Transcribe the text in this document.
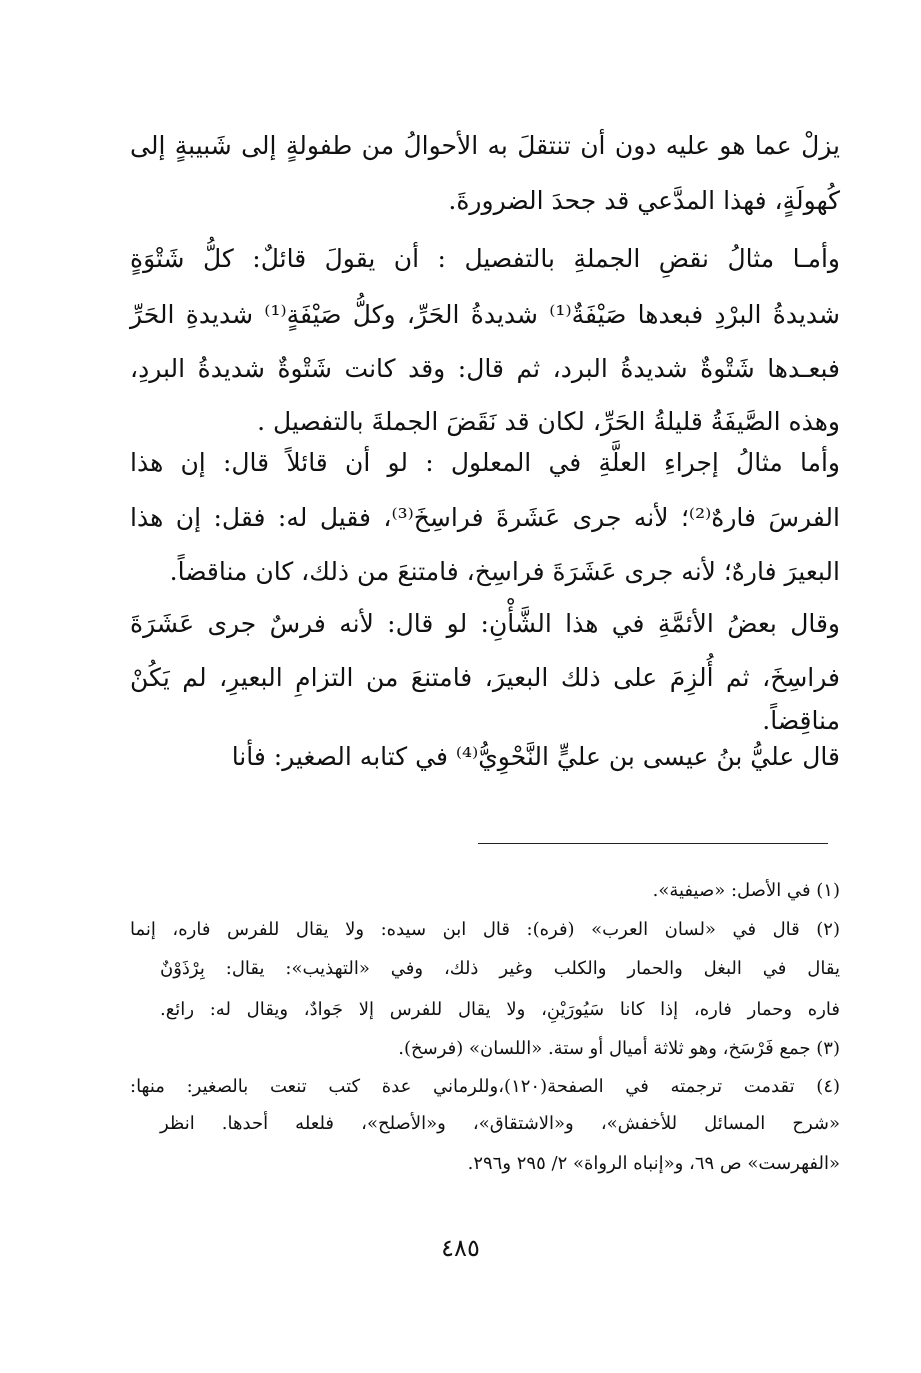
يزلْ عما هو عليه دون أن تنتقلَ به الأحوالُ من طفولةٍ إلى شَبيبةٍ إلى
كُهولَةٍ، فهذا المدَّعي قد جحدَ الضرورةَ.
وأمـا مثالُ نقضِ الجملةِ بالتفصيل : أن يقولَ قائلٌ: كلُّ شَتْوَةٍ
شديدةُ البرْدِ فبعدها صَيْفَةٌ⁽¹⁾ شديدةُ الحَرِّ، وكلُّ صَيْفَةٍ⁽¹⁾ شديدةِ الحَرِّ
فبعـدها شَتْوةٌ شديدةُ البرد، ثم قال: وقد كانت شَتْوةٌ شديدةُ البردِ،
وهذه الصَّيفَةُ قليلةُ الحَرِّ، لكان قد نَقَضَ الجملةَ بالتفصيل .
وأما مثالُ إجراءِ العلَّةِ في المعلول : لو أن قائلاً قال: إن هذا
الفرسَ فارهٌ⁽²⁾؛ لأنه جرى عَشَرةَ فراسِخَ⁽³⁾، فقيل له: فقل: إن هذا
البعيرَ فارهٌ؛ لأنه جرى عَشَرَةَ فراسِخ، فامتنعَ من ذلك، كان مناقضاً.
وقال بعضُ الأئمَّةِ في هذا الشَّأْنِ: لو قال: لأنه فرسٌ جرى عَشَرَةَ
فراسِخَ، ثم أُلزِمَ على ذلك البعيرَ، فامتنعَ من التزامِ البعيرِ، لم يَكُنْ
مناقِضاً.
قال عليُّ بنُ عيسى بن عليٍّ النَّحْوِيُّ⁽⁴⁾ في كتابه الصغير: فأنا
(١) في الأصل: «صيفية».
(٢) قال في «لسان العرب» (فره): قال ابن سيده: ولا يقال للفرس فاره، إنما
يقال في البغل والحمار والكلب وغير ذلك، وفي «التهذيب»: يقال: بِرْذَوْنٌ
فاره وحمار فاره، إذا كانا سَيُورَيْنِ، ولا يقال للفرس إلا جَوادٌ، ويقال له: رائع.
(٣) جمع فَرْسَخ، وهو ثلاثة أميال أو ستة. «اللسان» (فرسخ).
(٤) تقدمت ترجمته في الصفحة(١٢٠)،وللرماني عدة كتب تنعت بالصغير: منها:
«شرح المسائل للأخفش»، و«الاشتقاق»، و«الأصلح»، فلعله أحدها. انظر
«الفهرست» ص ٦٩، و«إنباه الرواة» ٢/ ٢٩٥ و٢٩٦.
٤٨٥
